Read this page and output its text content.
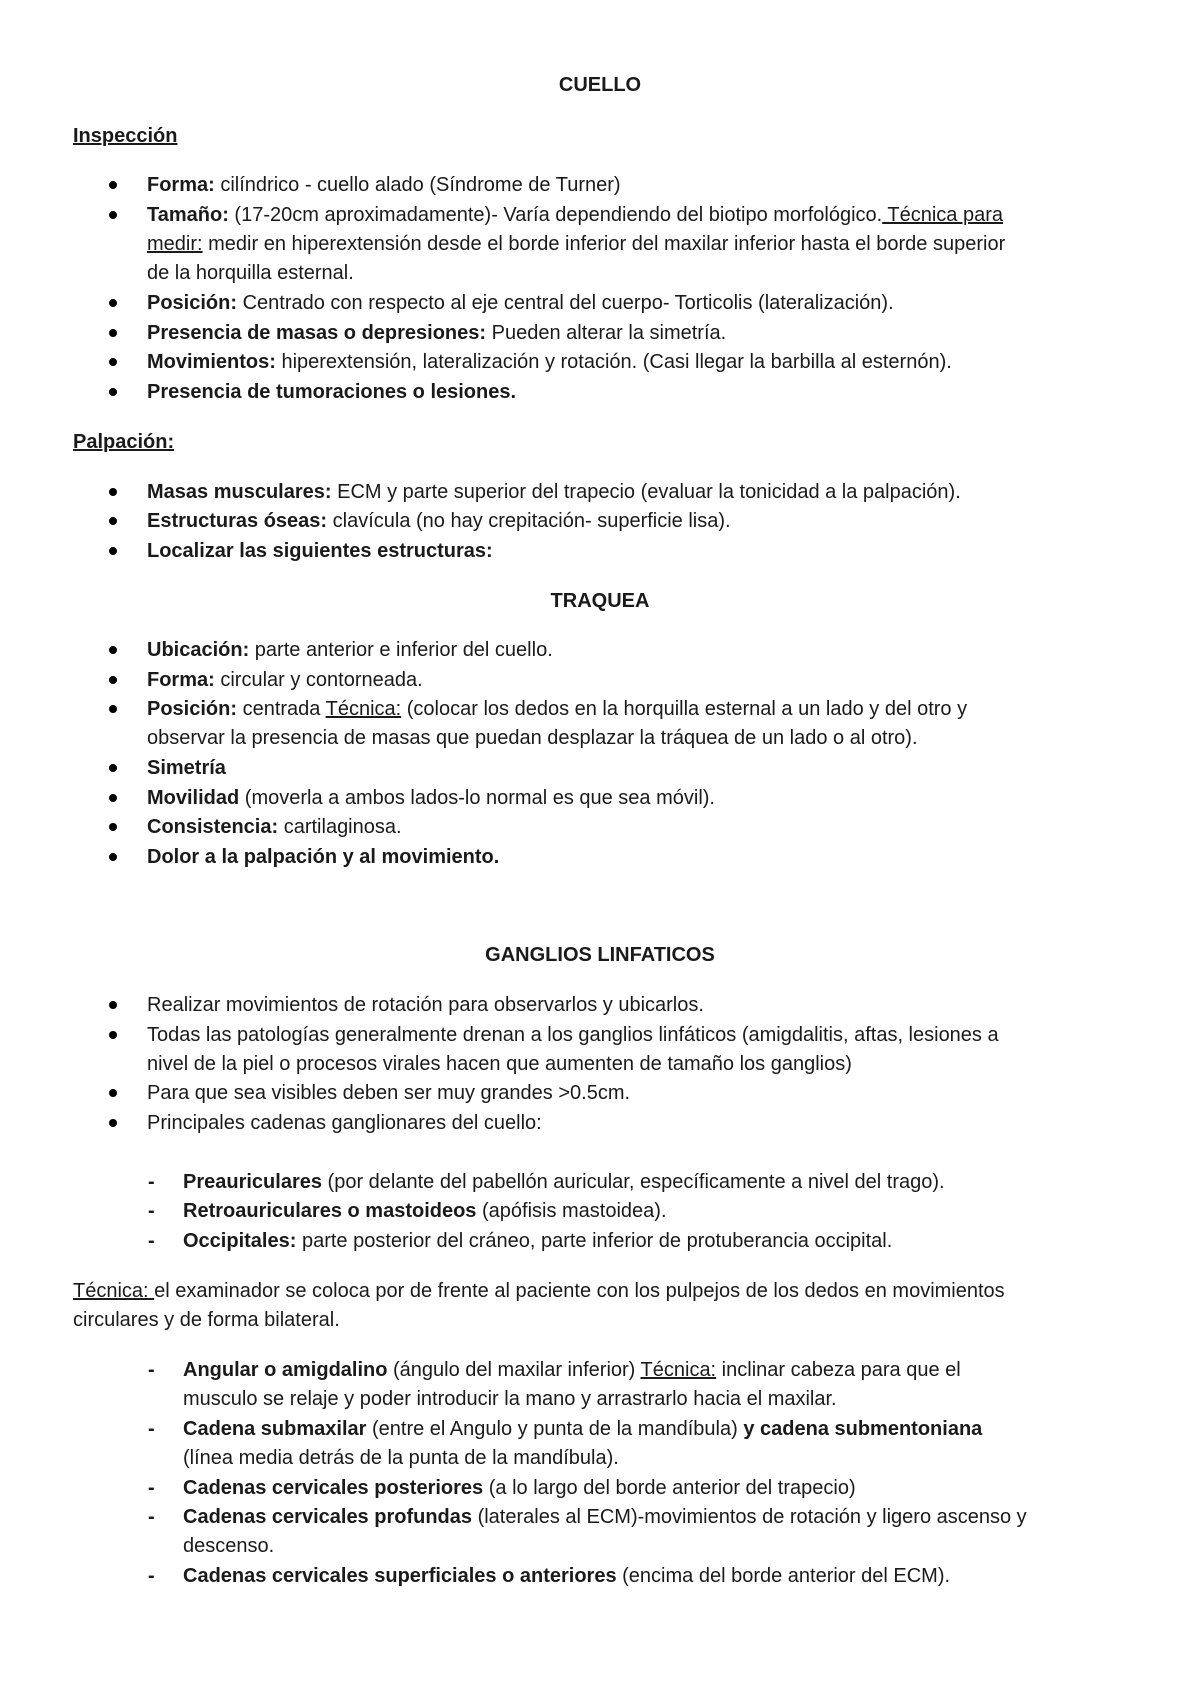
CUELLO
Inspección
Forma: cilíndrico - cuello alado (Síndrome de Turner)
Tamaño: (17-20cm aproximadamente)- Varía dependiendo del biotipo morfológico. Técnica para
medir: medir en hiperextensión desde el borde inferior del maxilar inferior hasta el borde superior
de la horquilla esternal.
Posición: Centrado con respecto al eje central del cuerpo- Torticolis (lateralización).
Presencia de masas o depresiones: Pueden alterar la simetría.
Movimientos: hiperextensión, lateralización y rotación. (Casi llegar la barbilla al esternón).
Presencia de tumoraciones o lesiones.
Palpación:
Masas musculares: ECM y parte superior del trapecio (evaluar la tonicidad a la palpación).
Estructuras óseas: clavícula (no hay crepitación- superficie lisa).
Localizar las siguientes estructuras:
TRAQUEA
Ubicación: parte anterior e inferior del cuello.
Forma: circular y contorneada.
Posición: centrada Técnica: (colocar los dedos en la horquilla esternal a un lado y del otro y
observar la presencia de masas que puedan desplazar la tráquea de un lado o al otro).
Simetría
Movilidad (moverla a ambos lados-lo normal es que sea móvil).
Consistencia: cartilaginosa.
Dolor a la palpación y al movimiento.
GANGLIOS LINFATICOS
Realizar movimientos de rotación para observarlos y ubicarlos.
Todas las patologías generalmente drenan a los ganglios linfáticos (amigdalitis, aftas, lesiones a
nivel de la piel o procesos virales hacen que aumenten de tamaño los ganglios)
Para que sea visibles deben ser muy grandes >0.5cm.
Principales cadenas ganglionares del cuello:
- Preauriculares (por delante del pabellón auricular, específicamente a nivel del trago).
- Retroauriculares o mastoideos (apófisis mastoidea).
- Occipitales: parte posterior del cráneo, parte inferior de protuberancia occipital.
Técnica: el examinador se coloca por de frente al paciente con los pulpejos de los dedos en movimientos
circulares y de forma bilateral.
- Angular o amigdalino (ángulo del maxilar inferior) Técnica: inclinar cabeza para que el
musculo se relaje y poder introducir la mano y arrastrarlo hacia el maxilar.
- Cadena submaxilar (entre el Angulo y punta de la mandíbula) y cadena submentoniana
(línea media detrás de la punta de la mandíbula).
- Cadenas cervicales posteriores (a lo largo del borde anterior del trapecio)
- Cadenas cervicales profundas (laterales al ECM)-movimientos de rotación y ligero ascenso y
descenso.
- Cadenas cervicales superficiales o anteriores (encima del borde anterior del ECM).
